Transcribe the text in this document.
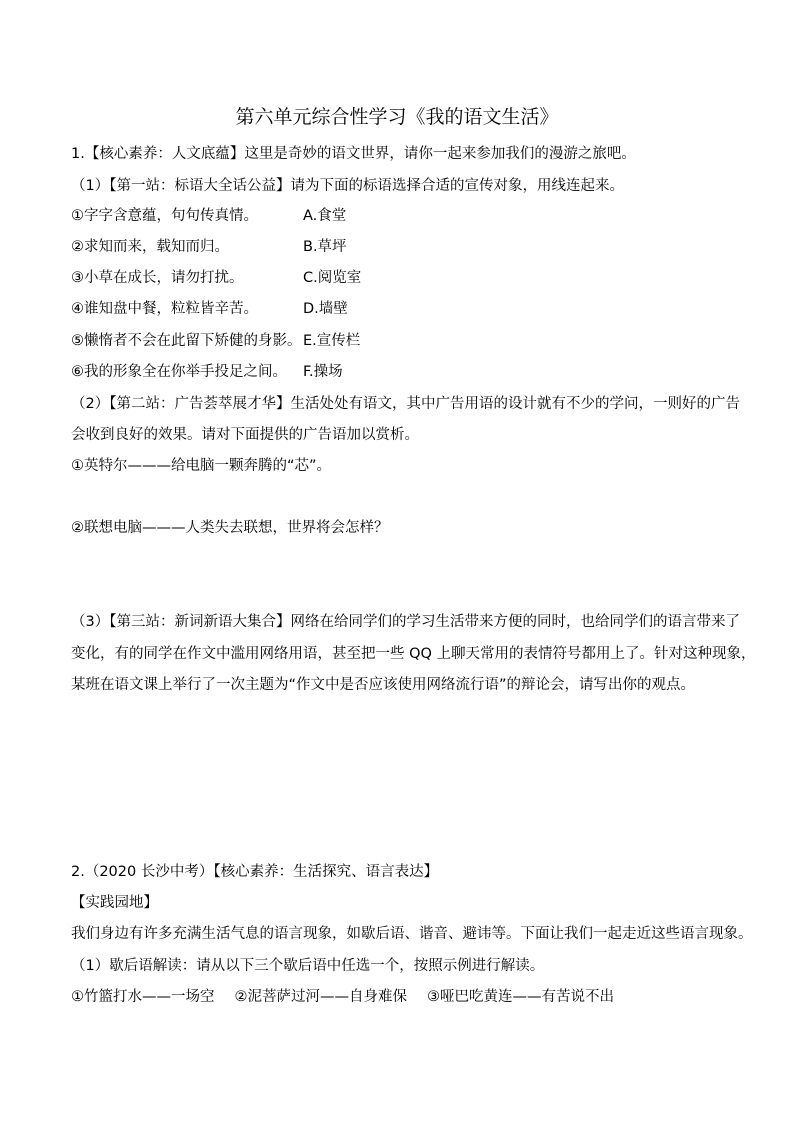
第六单元综合性学习《我的语文生活》
1.【核心素养：人文底蕴】这里是奇妙的语文世界，请你一起来参加我们的漫游之旅吧。
（1）【第一站：标语大全话公益】请为下面的标语选择合适的宣传对象，用线连起来。
①字字含意蕴，句句传真情。	A.食堂
②求知而来，载知而归。	B.草坪
③小草在成长，请勿打扰。	C.阅览室
④谁知盘中餐，粒粒皆辛苦。	D.墙壁
⑤懒惰者不会在此留下矫健的身影。 E.宣传栏
⑥我的形象全在你举手投足之间。 F.操场
（2）【第二站：广告荟萃展才华】生活处处有语文，其中广告用语的设计就有不少的学问，一则好的广告
会收到良好的效果。请对下面提供的广告语加以赏析。
①英特尔———给电脑一颗奔腾的“芯”。
②联想电脑———人类失去联想，世界将会怎样？
（3）【第三站：新词新语大集合】网络在给同学们的学习生活带来方便的同时，也给同学们的语言带来了
变化，有的同学在作文中滥用网络用语，甚至把一些 QQ 上聊天常用的表情符号都用上了。针对这种现象，
某班在语文课上举行了一次主题为“作文中是否应该使用网络流行语”的辩论会，请写出你的观点。
2.（2020 长沙中考）【核心素养：生活探究、语言表达】
【实践园地】
我们身边有许多充满生活气息的语言现象，如歇后语、谐音、避讳等。下面让我们一起走近这些语言现象。
（1）歇后语解读：请从以下三个歇后语中任选一个，按照示例进行解读。
①竹篮打水——一场空 ②泥菩萨过河——自身难保 ③哑巴吃黄连——有苦说不出
